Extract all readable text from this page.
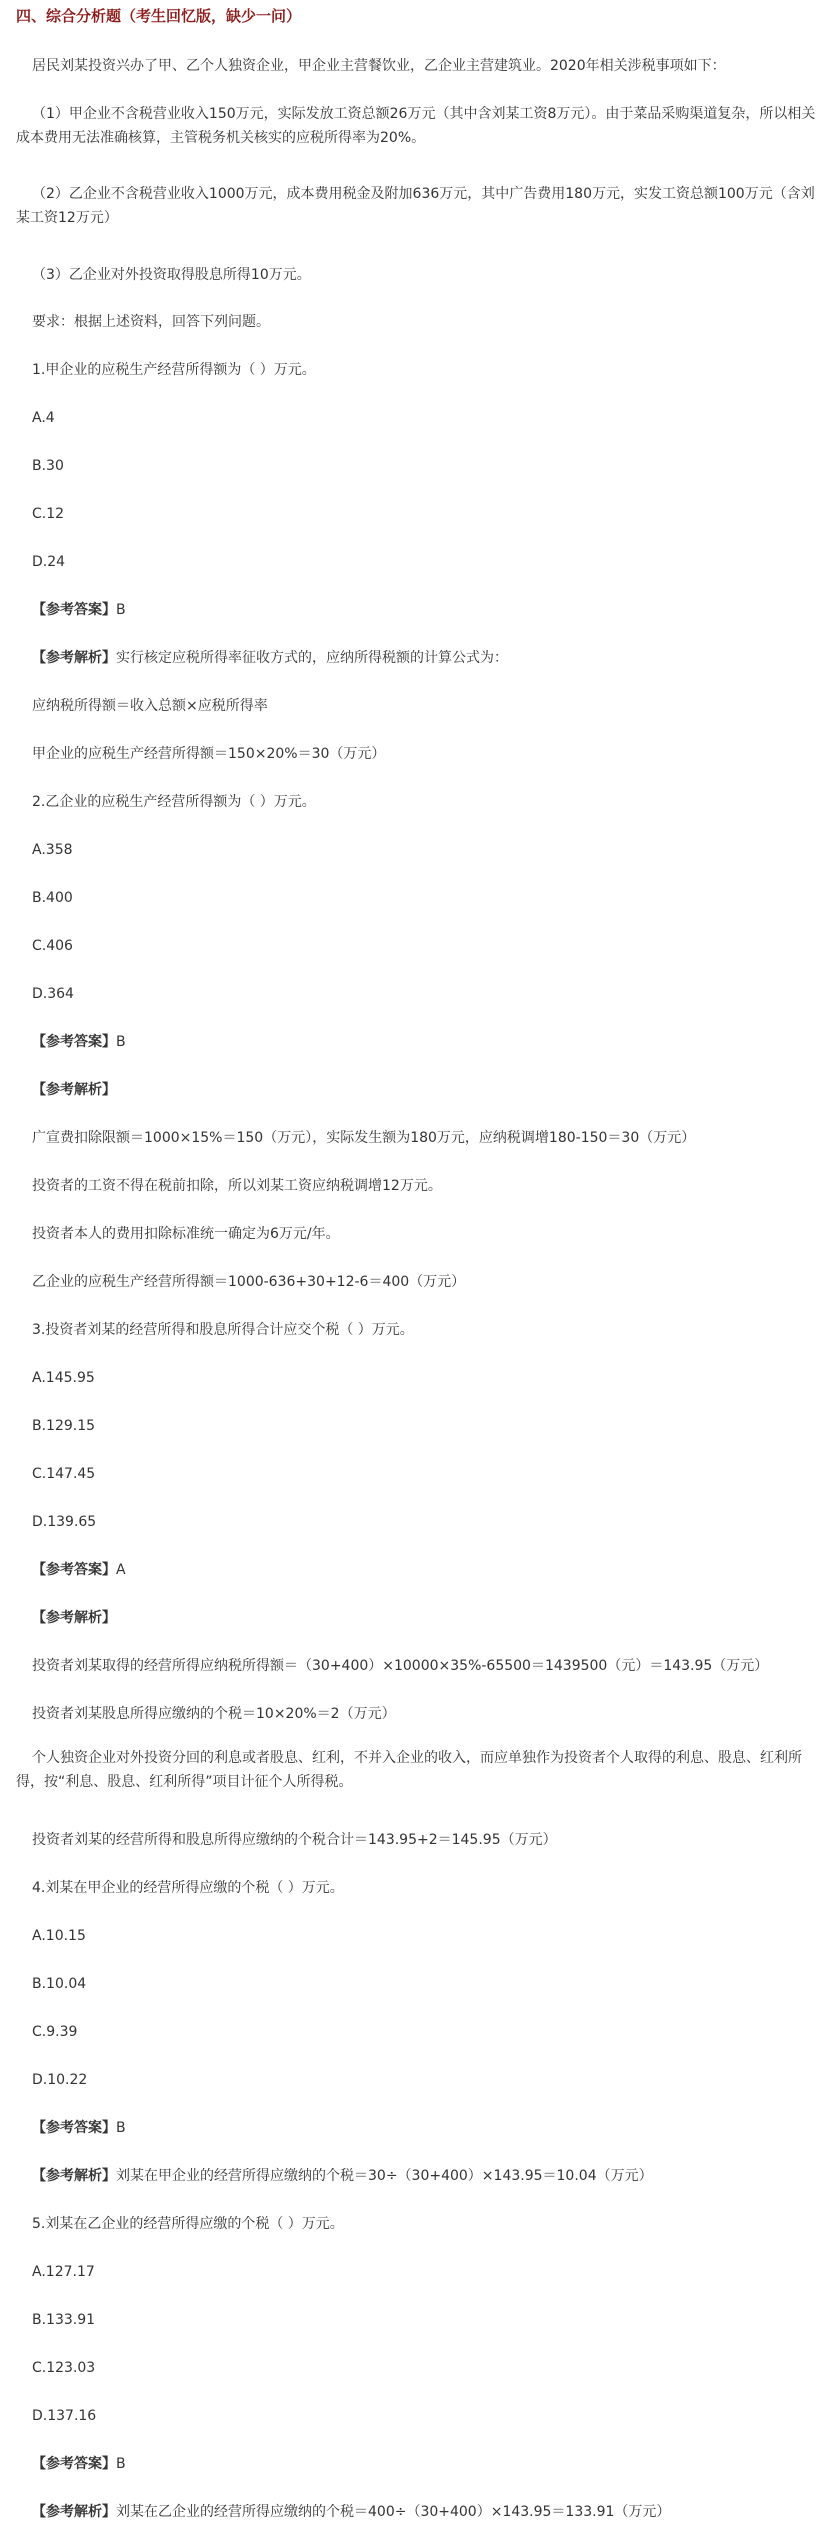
四、综合分析题（考生回忆版，缺少一问）
居民刘某投资兴办了甲、乙个人独资企业，甲企业主营餐饮业，乙企业主营建筑业。2020年相关涉税事项如下：
（1）甲企业不含税营业收入150万元，实际发放工资总额26万元（其中含刘某工资8万元）。由于菜品采购渠道复杂，所以相关成本费用无法准确核算，主管税务机关核实的应税所得率为20%。
（2）乙企业不含税营业收入1000万元，成本费用税金及附加636万元，其中广告费用180万元，实发工资总额100万元（含刘某工资12万元）
（3）乙企业对外投资取得股息所得10万元。
要求：根据上述资料，回答下列问题。
1.甲企业的应税生产经营所得额为（ ）万元。
A.4
B.30
C.12
D.24
【参考答案】B
【参考解析】实行核定应税所得率征收方式的，应纳所得税额的计算公式为：
应纳税所得额＝收入总额×应税所得率
甲企业的应税生产经营所得额＝150×20%＝30（万元）
2.乙企业的应税生产经营所得额为（ ）万元。
A.358
B.400
C.406
D.364
【参考答案】B
【参考解析】
广宣费扣除限额＝1000×15%＝150（万元），实际发生额为180万元，应纳税调增180-150＝30（万元）
投资者的工资不得在税前扣除，所以刘某工资应纳税调增12万元。
投资者本人的费用扣除标准统一确定为6万元/年。
乙企业的应税生产经营所得额＝1000-636+30+12-6＝400（万元）
3.投资者刘某的经营所得和股息所得合计应交个税（ ）万元。
A.145.95
B.129.15
C.147.45
D.139.65
【参考答案】A
【参考解析】
投资者刘某取得的经营所得应纳税所得额＝（30+400）×10000×35%-65500＝1439500（元）＝143.95（万元）
投资者刘某股息所得应缴纳的个税＝10×20%＝2（万元）
个人独资企业对外投资分回的利息或者股息、红利，不并入企业的收入，而应单独作为投资者个人取得的利息、股息、红利所得，按“利息、股息、红利所得”项目计征个人所得税。
投资者刘某的经营所得和股息所得应缴纳的个税合计＝143.95+2＝145.95（万元）
4.刘某在甲企业的经营所得应缴的个税（ ）万元。
A.10.15
B.10.04
C.9.39
D.10.22
【参考答案】B
【参考解析】刘某在甲企业的经营所得应缴纳的个税＝30÷（30+400）×143.95＝10.04（万元）
5.刘某在乙企业的经营所得应缴的个税（ ）万元。
A.127.17
B.133.91
C.123.03
D.137.16
【参考答案】B
【参考解析】刘某在乙企业的经营所得应缴纳的个税＝400÷（30+400）×143.95＝133.91（万元）
